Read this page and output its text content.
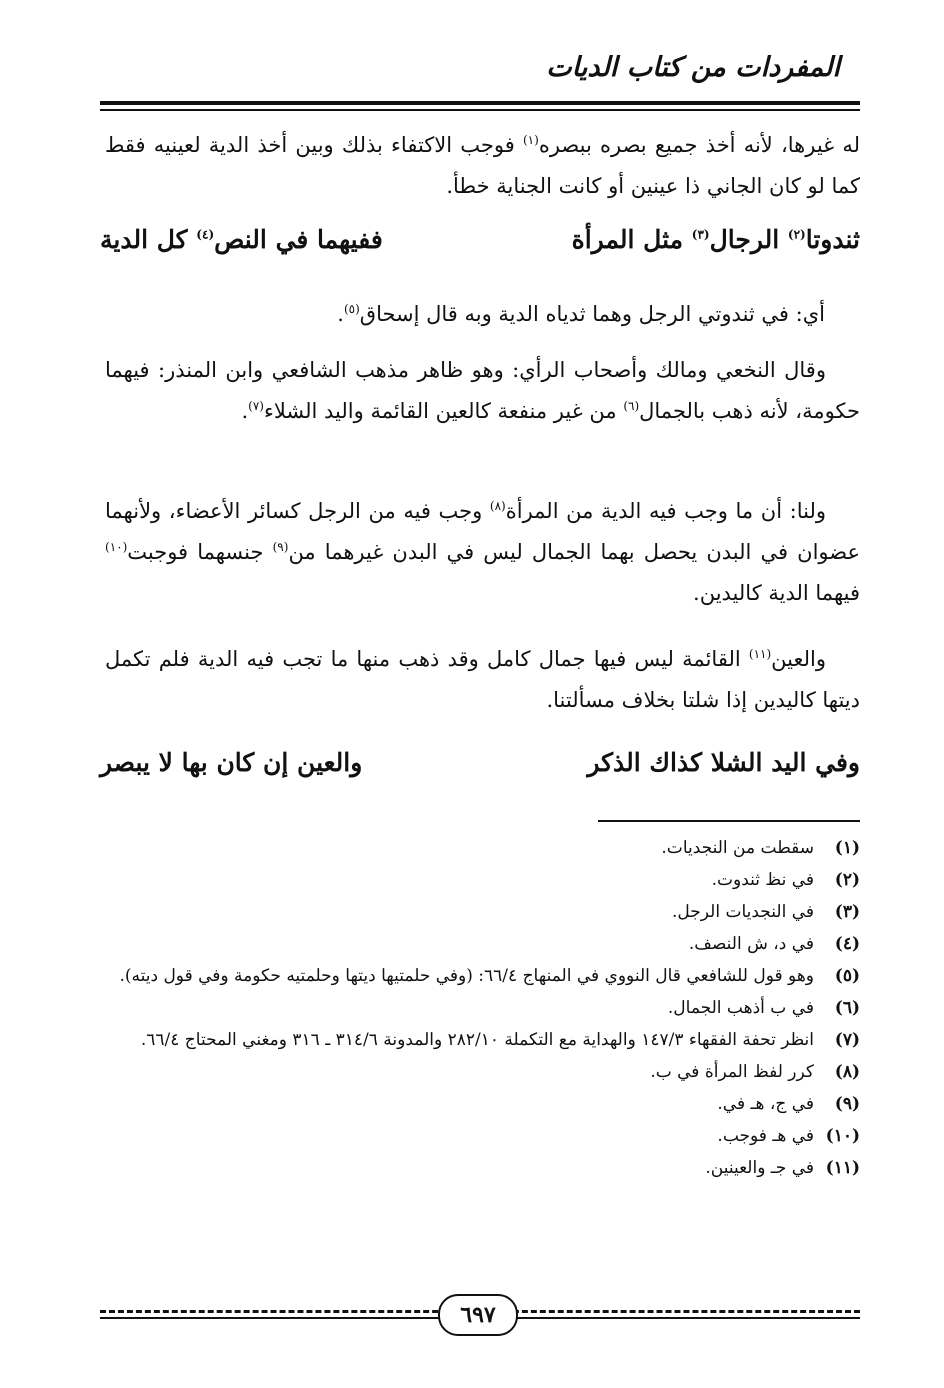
المفردات من كتاب الديات
له غيرها، لأنه أخذ جميع بصره ببصره$^{(١)}$ فوجب الاكتفاء بذلك وبين أخذ الدية لعينيه فقط كما لو كان الجاني ذا عينين أو كانت الجناية خطأ.
ثندوتا$^{(٢)}$ الرجال$^{(٣)}$ مثل المرأة
ففيهما في النص$^{(٤)}$ كل الدية
أي: في ثندوتي الرجل وهما ثدياه الدية وبه قال إسحاق$^{(٥)}$.
وقال النخعي ومالك وأصحاب الرأي: وهو ظاهر مذهب الشافعي وابن المنذر: فيهما حكومة، لأنه ذهب بالجمال$^{(٦)}$ من غير منفعة كالعين القائمة واليد الشلاء$^{(٧)}$.
ولنا: أن ما وجب فيه الدية من المرأة$^{(٨)}$ وجب فيه من الرجل كسائر الأعضاء، ولأنهما عضوان في البدن يحصل بهما الجمال ليس في البدن غيرهما من$^{(٩)}$ جنسهما فوجبت$^{(١٠)}$ فيهما الدية كاليدين.
والعين$^{(١١)}$ القائمة ليس فيها جمال كامل وقد ذهب منها ما تجب فيه الدية فلم تكمل ديتها كاليدين إذا شلتا بخلاف مسألتنا.
وفي اليد الشلا كذاك الذكر
والعين إن كان بها لا يبصر
(١)
سقطت من النجديات.
(٢)
في نظ ثندوت.
(٣)
في النجديات الرجل.
(٤)
في د، ش النصف.
(٥)
وهو قول للشافعي قال النووي في المنهاج ٦٦/٤: (وفي حلمتيها ديتها وحلمتيه حكومة وفي قول ديته).
(٦)
في ب أذهب الجمال.
(٧)
انظر تحفة الفقهاء ١٤٧/٣ والهداية مع التكملة ٢٨٢/١٠ والمدونة ٣١٤/٦ ـ ٣١٦ ومغني المحتاج ٦٦/٤.
(٨)
كرر لفظ المرأة في ب.
(٩)
في ج، هـ في.
(١٠)
في هـ فوجب.
(١١)
في جـ والعينين.
٦٩٧
